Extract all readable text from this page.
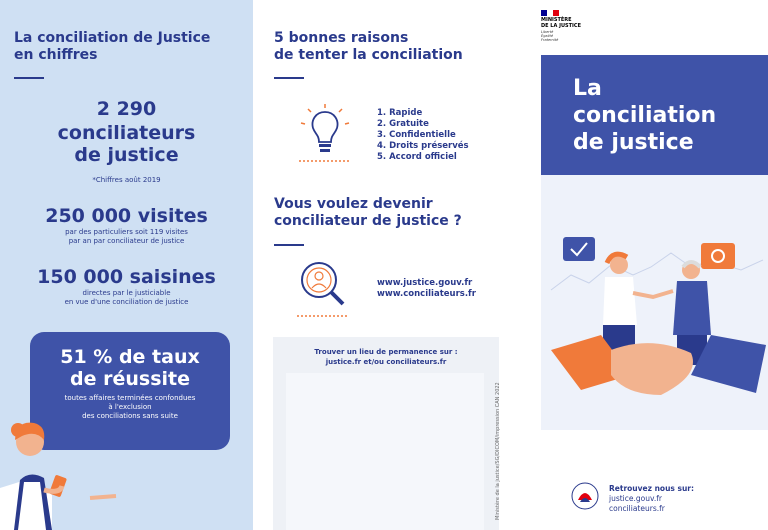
La conciliation de Justice
en chiffres
2 290
conciliateurs
de justice
*Chiffres août 2019
250 000 visites
par des particuliers soit 119 visites
par an par conciliateur de justice
150 000 saisines
directes par le justiciable
en vue d'une conciliation de justice
51 % de taux
de réussite
toutes affaires terminées confondues
à l'exclusion
des conciliations sans suite
5 bonnes raisons
de tenter la conciliation
1. Rapide
2. Gratuite
3. Confidentielle
4. Droits préservés
5. Accord officiel
Vous voulez devenir
conciliateur de justice ?
www.justice.gouv.fr
www.conciliateurs.fr
Trouver un lieu de permanence sur :
justice.fr et/ou conciliateurs.fr
Ministère de la justice/SG/DICOM/impression CAN 2022
MINISTÈRE
DE LA JUSTICE
Liberté
Égalité
Fraternité
La
conciliation
de justice
Retrouvez nous sur:
justice.gouv.fr
conciliateurs.fr
